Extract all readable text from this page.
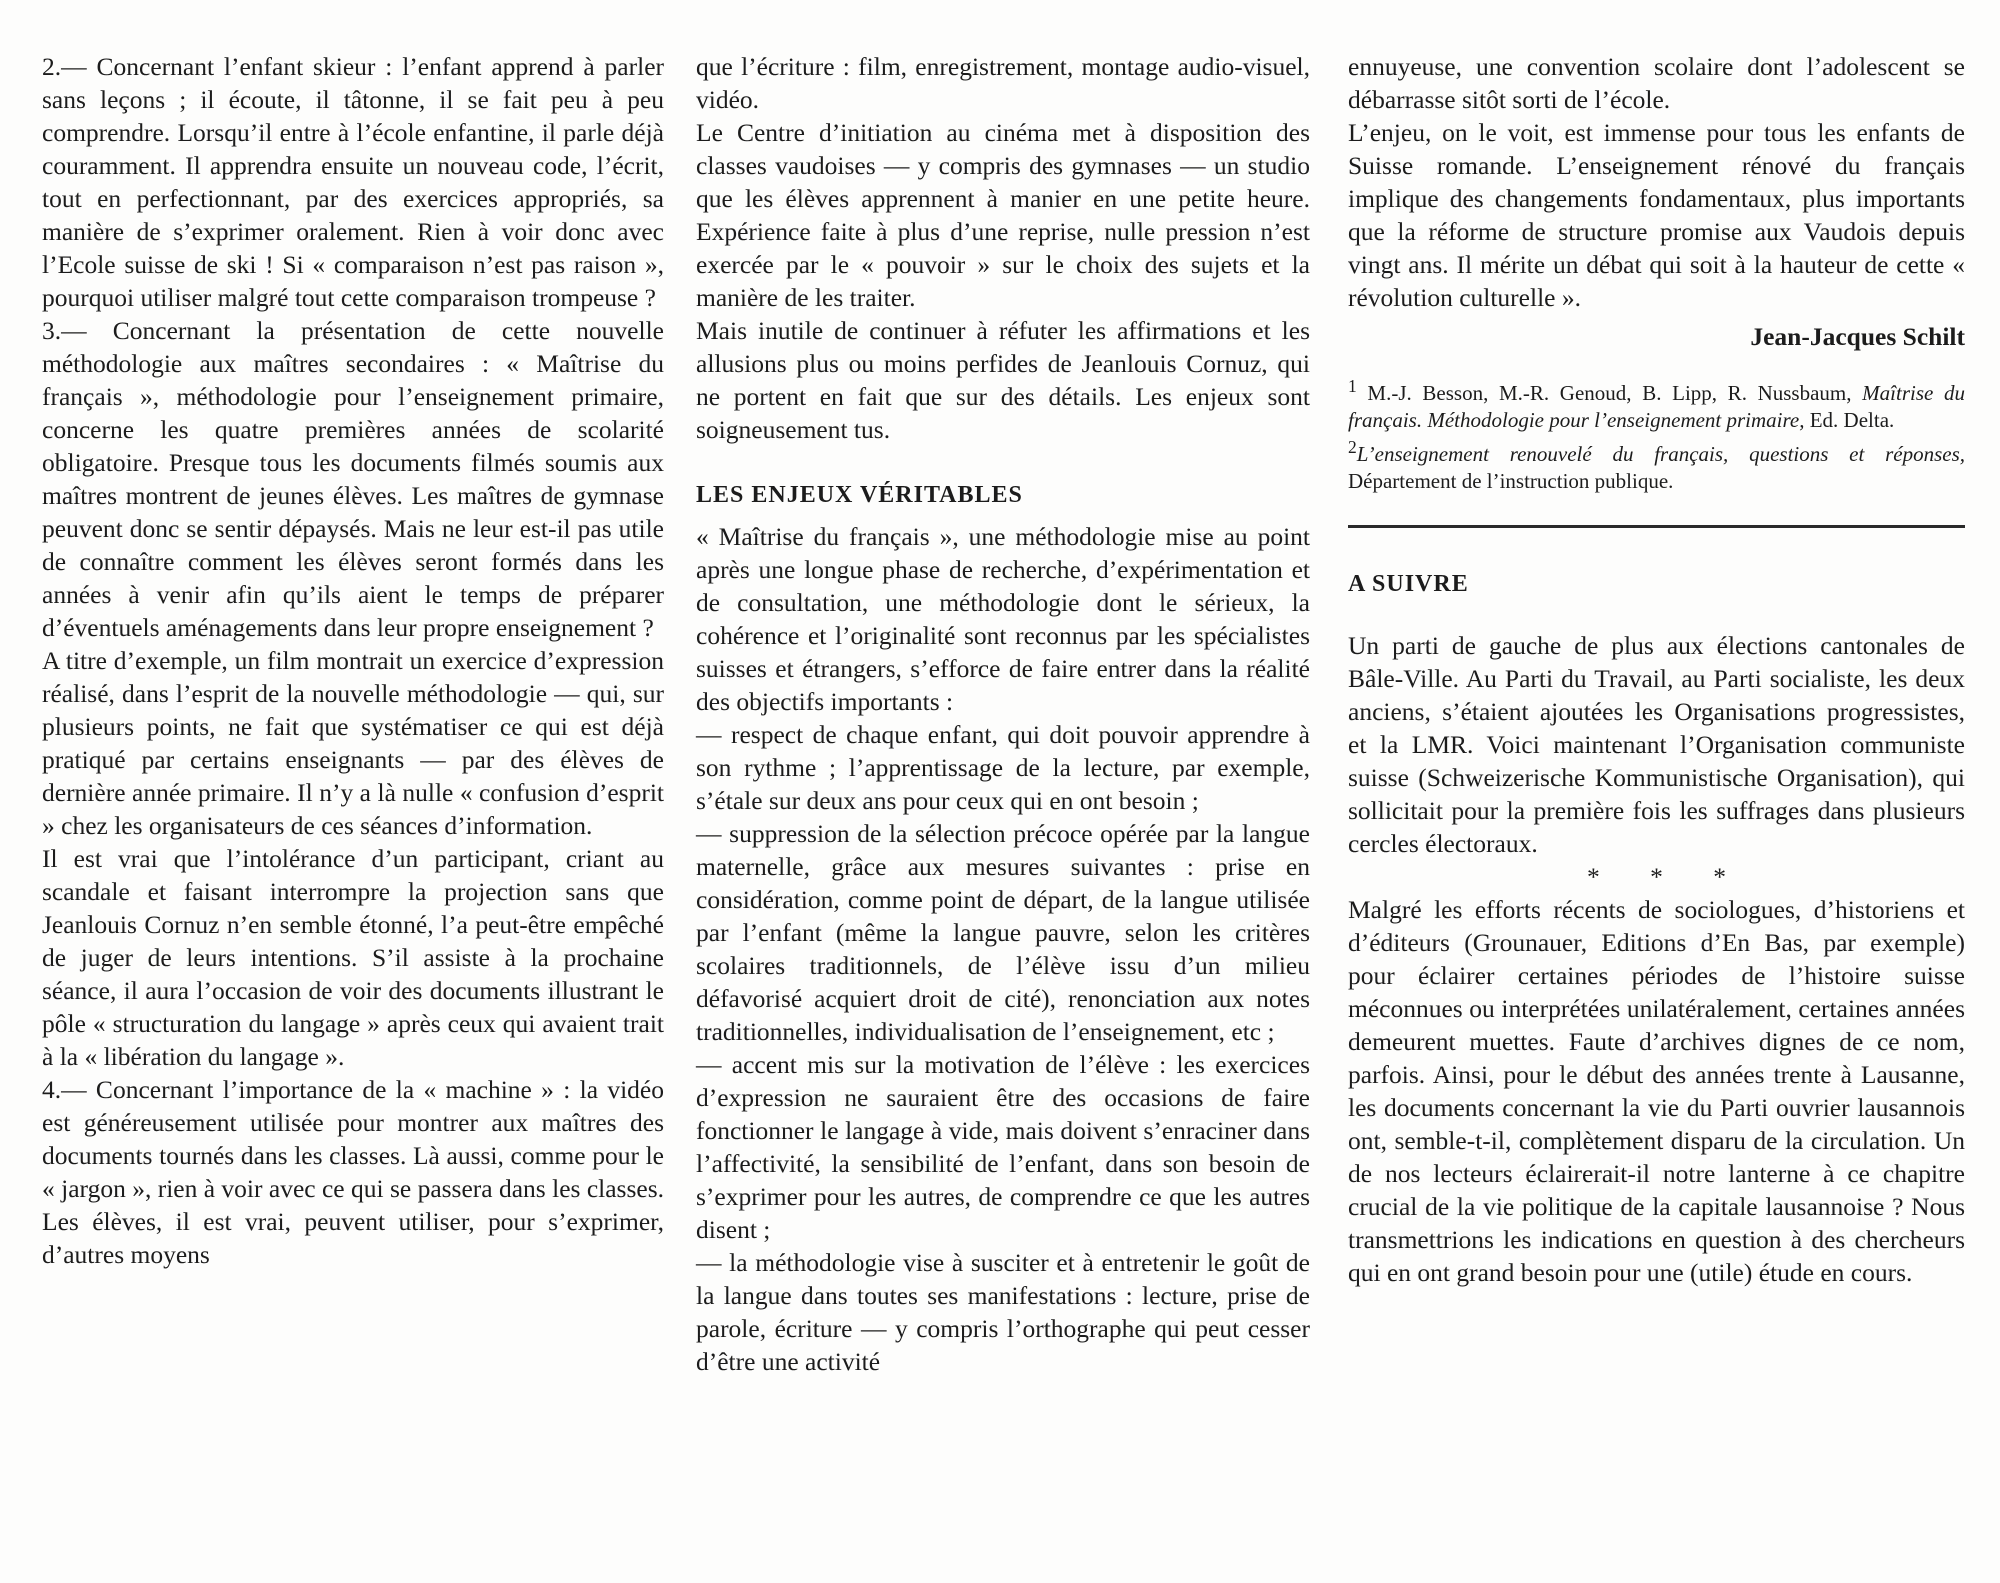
2.— Concernant l’enfant skieur : l’enfant apprend à parler sans leçons ; il écoute, il tâtonne, il se fait peu à peu comprendre. Lorsqu’il entre à l’école enfantine, il parle déjà couramment. Il apprendra ensuite un nouveau code, l’écrit, tout en perfectionnant, par des exercices appropriés, sa manière de s’exprimer oralement. Rien à voir donc avec l’Ecole suisse de ski ! Si « comparaison n’est pas raison », pourquoi utiliser malgré tout cette comparaison trompeuse ?

3.— Concernant la présentation de cette nouvelle méthodologie aux maîtres secondaires : « Maîtrise du français », méthodologie pour l’enseignement primaire, concerne les quatre premières années de scolarité obligatoire. Presque tous les documents filmés soumis aux maîtres montrent de jeunes élèves. Les maîtres de gymnase peuvent donc se sentir dépaysés. Mais ne leur est-il pas utile de connaître comment les élèves seront formés dans les années à venir afin qu’ils aient le temps de préparer d’éventuels aménagements dans leur propre enseignement ?

A titre d’exemple, un film montrait un exercice d’expression réalisé, dans l’esprit de la nouvelle méthodologie — qui, sur plusieurs points, ne fait que systématiser ce qui est déjà pratiqué par certains enseignants — par des élèves de dernière année primaire. Il n’y a là nulle « confusion d’esprit » chez les organisateurs de ces séances d’information.

Il est vrai que l’intolérance d’un participant, criant au scandale et faisant interrompre la projection sans que Jeanlouis Cornuz n’en semble étonné, l’a peut-être empêché de juger de leurs intentions. S’il assiste à la prochaine séance, il aura l’occasion de voir des documents illustrant le pôle « structuration du langage » après ceux qui avaient trait à la « libération du langage ».

4.— Concernant l’importance de la « machine » : la vidéo est généreusement utilisée pour montrer aux maîtres des documents tournés dans les classes. Là aussi, comme pour le « jargon », rien à voir avec ce qui se passera dans les classes. Les élèves, il est vrai, peuvent utiliser, pour s’exprimer, d’autres moyens

que l’écriture : film, enregistrement, montage audio-visuel, vidéo.

Le Centre d’initiation au cinéma met à disposition des classes vaudoises — y compris des gymnases — un studio que les élèves apprennent à manier en une petite heure. Expérience faite à plus d’une reprise, nulle pression n’est exercée par le « pouvoir » sur le choix des sujets et la manière de les traiter.

Mais inutile de continuer à réfuter les affirmations et les allusions plus ou moins perfides de Jeanlouis Cornuz, qui ne portent en fait que sur des détails. Les enjeux sont soigneusement tus.

LES ENJEUX VÉRITABLES

« Maîtrise du français », une méthodologie mise au point après une longue phase de recherche, d’expérimentation et de consultation, une méthodologie dont le sérieux, la cohérence et l’originalité sont reconnus par les spécialistes suisses et étrangers, s’efforce de faire entrer dans la réalité des objectifs importants :

— respect de chaque enfant, qui doit pouvoir apprendre à son rythme ; l’apprentissage de la lecture, par exemple, s’étale sur deux ans pour ceux qui en ont besoin ;

— suppression de la sélection précoce opérée par la langue maternelle, grâce aux mesures suivantes : prise en considération, comme point de départ, de la langue utilisée par l’enfant (même la langue pauvre, selon les critères scolaires traditionnels, de l’élève issu d’un milieu défavorisé acquiert droit de cité), renonciation aux notes traditionnelles, individualisation de l’enseignement, etc ;

— accent mis sur la motivation de l’élève : les exercices d’expression ne sauraient être des occasions de faire fonctionner le langage à vide, mais doivent s’enraciner dans l’affectivité, la sensibilité de l’enfant, dans son besoin de s’exprimer pour les autres, de comprendre ce que les autres disent ;

— la méthodologie vise à susciter et à entretenir le goût de la langue dans toutes ses manifestations : lecture, prise de parole, écriture — y compris l’orthographe qui peut cesser d’être une activité

ennuyeuse, une convention scolaire dont l’adolescent se débarrasse sitôt sorti de l’école.

L’enjeu, on le voit, est immense pour tous les enfants de Suisse romande. L’enseignement rénové du français implique des changements fondamentaux, plus importants que la réforme de structure promise aux Vaudois depuis vingt ans. Il mérite un débat qui soit à la hauteur de cette « révolution culturelle ».

Jean-Jacques Schilt

$^1$ M.-J. Besson, M.-R. Genoud, B. Lipp, R. Nussbaum, Maîtrise du français. Méthodologie pour l’enseignement primaire, Ed. Delta.

$^2$L’enseignement renouvelé du français, questions et réponses, Département de l’instruction publique.

A SUIVRE

Un parti de gauche de plus aux élections cantonales de Bâle-Ville. Au Parti du Travail, au Parti socialiste, les deux anciens, s’étaient ajoutées les Organisations progressistes, et la LMR. Voici maintenant l’Organisation communiste suisse (Schweizerische Kommunistische Organisation), qui sollicitait pour la première fois les suffrages dans plusieurs cercles électoraux.

* * *

Malgré les efforts récents de sociologues, d’historiens et d’éditeurs (Grounauer, Editions d’En Bas, par exemple) pour éclairer certaines périodes de l’histoire suisse méconnues ou interprétées unilatéralement, certaines années demeurent muettes. Faute d’archives dignes de ce nom, parfois. Ainsi, pour le début des années trente à Lausanne, les documents concernant la vie du Parti ouvrier lausannois ont, semble-t-il, complètement disparu de la circulation. Un de nos lecteurs éclairerait-il notre lanterne à ce chapitre crucial de la vie politique de la capitale lausannoise ? Nous transmettrions les indications en question à des chercheurs qui en ont grand besoin pour une (utile) étude en cours.
